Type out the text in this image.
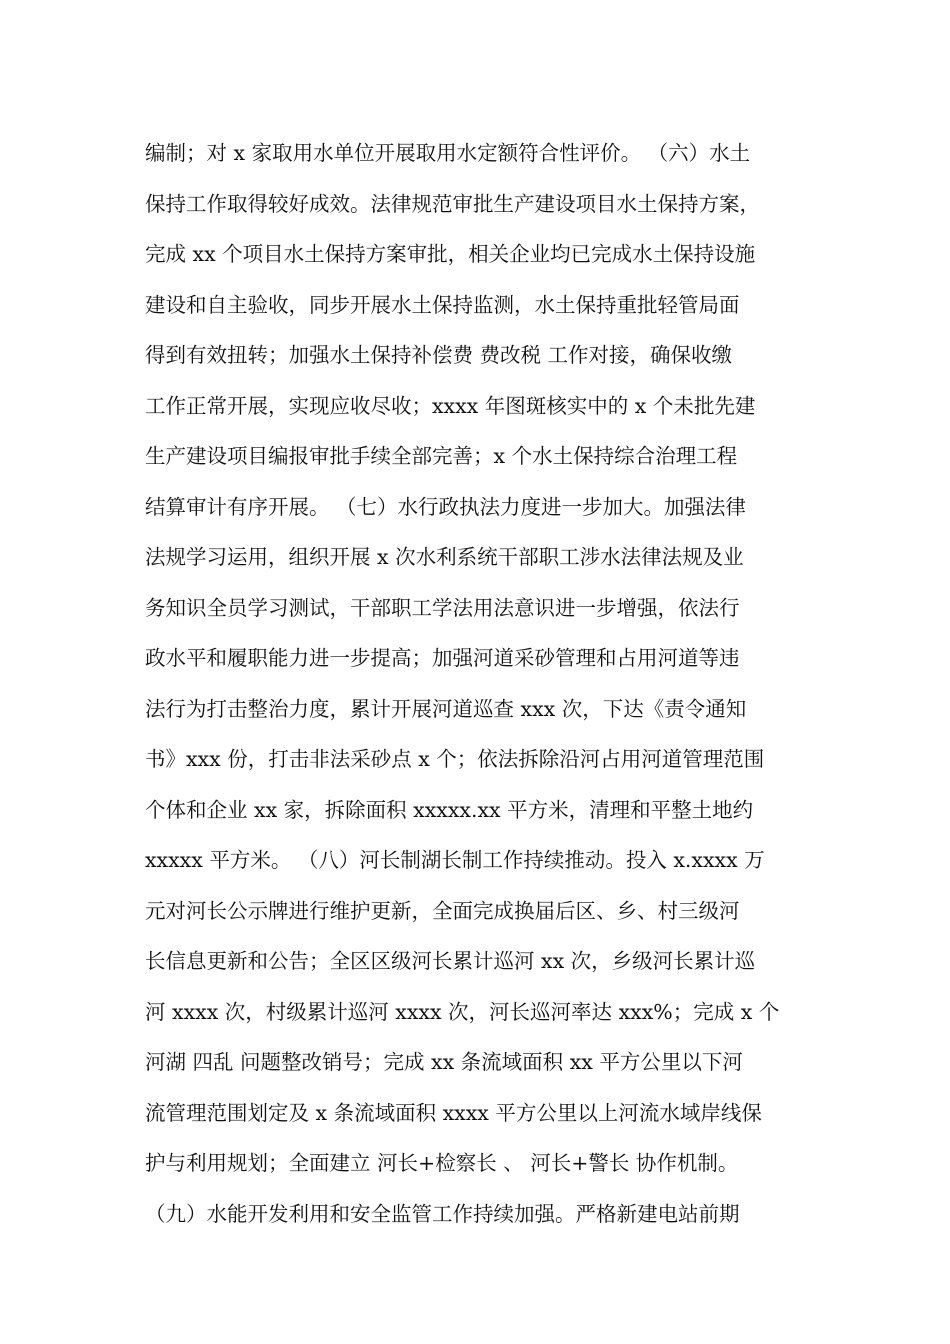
编制；对 x 家取用水单位开展取用水定额符合性评价。 （六）水土
保持工作取得较好成效。法律规范审批生产建设项目水土保持方案，
完成 xx 个项目水土保持方案审批，相关企业均已完成水土保持设施
建设和自主验收，同步开展水土保持监测，水土保持重批轻管局面
得到有效扭转；加强水土保持补偿费 费改税 工作对接，确保收缴
工作正常开展，实现应收尽收；xxxx 年图斑核实中的 x 个未批先建
生产建设项目编报审批手续全部完善；x 个水土保持综合治理工程
结算审计有序开展。 （七）水行政执法力度进一步加大。加强法律
法规学习运用，组织开展 x 次水利系统干部职工涉水法律法规及业
务知识全员学习测试，干部职工学法用法意识进一步增强，依法行
政水平和履职能力进一步提高；加强河道采砂管理和占用河道等违
法行为打击整治力度，累计开展河道巡查 xxx 次，下达《责令通知
书》xxx 份，打击非法采砂点 x 个；依法拆除沿河占用河道管理范围
个体和企业 xx 家，拆除面积 xxxxx.xx 平方米，清理和平整土地约
xxxxx 平方米。 （八）河长制湖长制工作持续推动。投入 x.xxxx 万
元对河长公示牌进行维护更新，全面完成换届后区、乡、村三级河
长信息更新和公告；全区区级河长累计巡河 xx 次，乡级河长累计巡
河 xxxx 次，村级累计巡河 xxxx 次，河长巡河率达 xxx%；完成 x 个
河湖 四乱 问题整改销号；完成 xx 条流域面积 xx 平方公里以下河
流管理范围划定及 x 条流域面积 xxxx 平方公里以上河流水域岸线保
护与利用规划；全面建立 河长+检察长 、 河长+警长 协作机制。
（九）水能开发利用和安全监管工作持续加强。严格新建电站前期
